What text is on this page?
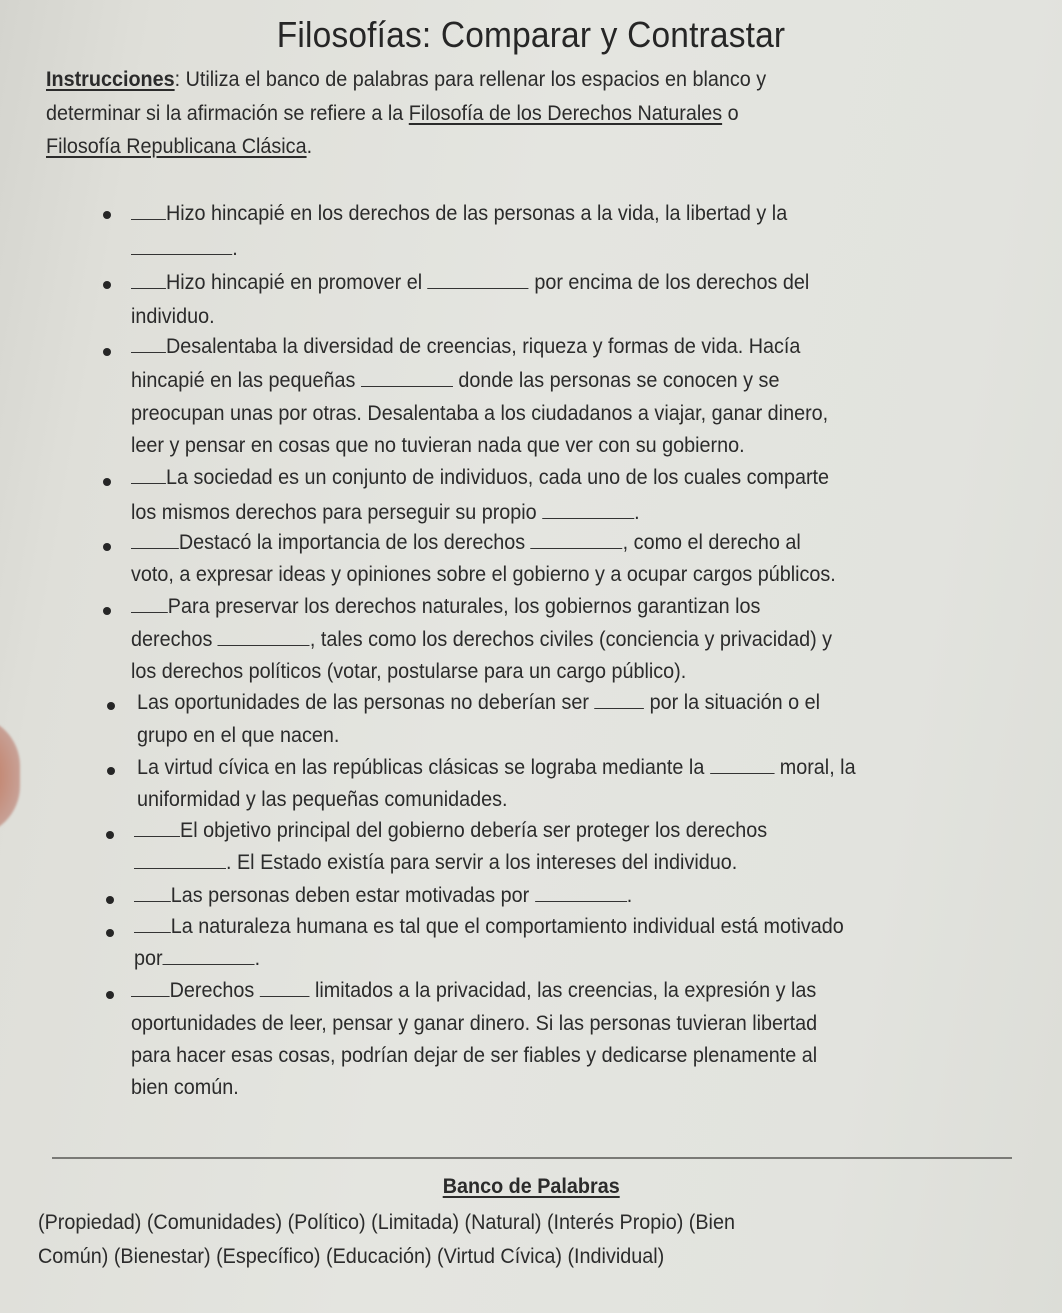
Filosofías: Comparar y Contrastar
Instrucciones: Utiliza el banco de palabras para rellenar los espacios en blanco y
determinar si la afirmación se refiere a la Filosofía de los Derechos Naturales o
Filosofía Republicana Clásica.
Hizo hincapié en los derechos de las personas a la vida, la libertad y la
.
Hizo hincapié en promover el	por encima de los derechos del
individuo.
Desalentaba la diversidad de creencias, riqueza y formas de vida. Hacía
hincapié en las pequeñas	donde las personas se conocen y se
preocupan unas por otras. Desalentaba a los ciudadanos a viajar, ganar dinero,
leer y pensar en cosas que no tuvieran nada que ver con su gobierno.
La sociedad es un conjunto de individuos, cada uno de los cuales comparte
los mismos derechos para perseguir su propio	.
Destacó la importancia de los derechos	, como el derecho al
voto, a expresar ideas y opiniones sobre el gobierno y a ocupar cargos públicos.
Para preservar los derechos naturales, los gobiernos garantizan los
derechos	, tales como los derechos civiles (conciencia y privacidad) y
los derechos políticos (votar, postularse para un cargo público).
Las oportunidades de las personas no deberían ser	por la situación o el
grupo en el que nacen.
La virtud cívica en las repúblicas clásicas se lograba mediante la	moral, la
uniformidad y las pequeñas comunidades.
El objetivo principal del gobierno debería ser proteger los derechos
. El Estado existía para servir a los intereses del individuo.
Las personas deben estar motivadas por	.
La naturaleza humana es tal que el comportamiento individual está motivado
por	.
Derechos	limitados a la privacidad, las creencias, la expresión y las
oportunidades de leer, pensar y ganar dinero. Si las personas tuvieran libertad
para hacer esas cosas, podrían dejar de ser fiables y dedicarse plenamente al
bien común.
Banco de Palabras
(Propiedad) (Comunidades) (Político) (Limitada) (Natural) (Interés Propio) (Bien
Común) (Bienestar) (Específico) (Educación) (Virtud Cívica) (Individual)
